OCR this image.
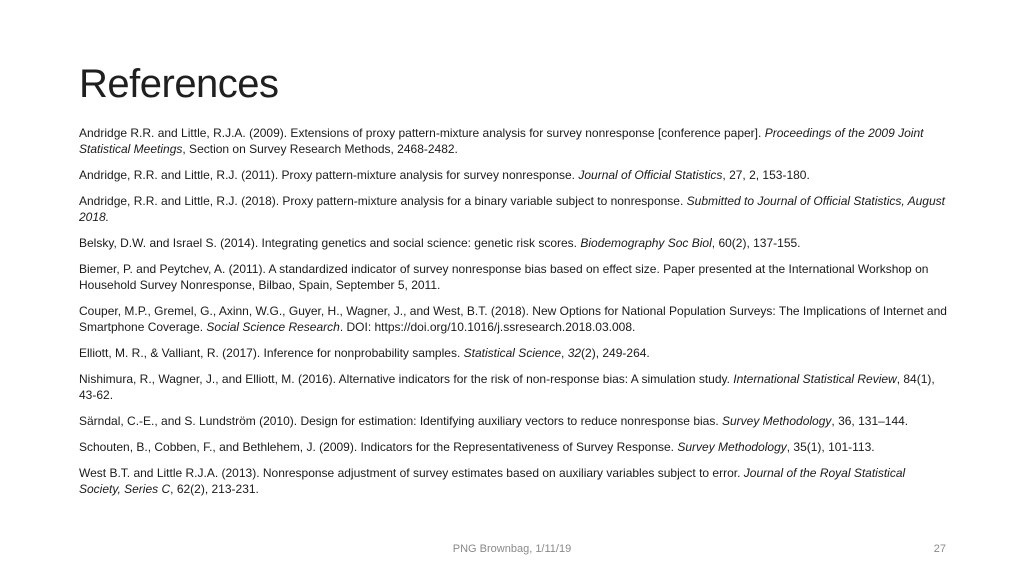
References
Andridge R.R. and Little, R.J.A. (2009). Extensions of proxy pattern-mixture analysis for survey nonresponse [conference paper]. Proceedings of the 2009 Joint Statistical Meetings, Section on Survey Research Methods, 2468-2482.
Andridge, R.R. and Little, R.J. (2011). Proxy pattern-mixture analysis for survey nonresponse. Journal of Official Statistics, 27, 2, 153-180.
Andridge, R.R. and Little, R.J. (2018). Proxy pattern-mixture analysis for a binary variable subject to nonresponse. Submitted to Journal of Official Statistics, August 2018.
Belsky, D.W. and Israel S. (2014). Integrating genetics and social science: genetic risk scores. Biodemography Soc Biol, 60(2), 137-155.
Biemer, P. and Peytchev, A. (2011). A standardized indicator of survey nonresponse bias based on effect size. Paper presented at the International Workshop on Household Survey Nonresponse, Bilbao, Spain, September 5, 2011.
Couper, M.P., Gremel, G., Axinn, W.G., Guyer, H., Wagner, J., and West, B.T. (2018). New Options for National Population Surveys: The Implications of Internet and Smartphone Coverage. Social Science Research. DOI: https://doi.org/10.1016/j.ssresearch.2018.03.008.
Elliott, M. R., & Valliant, R. (2017). Inference for nonprobability samples. Statistical Science, 32(2), 249-264.
Nishimura, R., Wagner, J., and Elliott, M. (2016). Alternative indicators for the risk of non-response bias: A simulation study. International Statistical Review, 84(1), 43-62.
Särndal, C.-E., and S. Lundström (2010). Design for estimation: Identifying auxiliary vectors to reduce nonresponse bias. Survey Methodology, 36, 131–144.
Schouten, B., Cobben, F., and Bethlehem, J. (2009). Indicators for the Representativeness of Survey Response. Survey Methodology, 35(1), 101-113.
West B.T. and Little R.J.A. (2013). Nonresponse adjustment of survey estimates based on auxiliary variables subject to error. Journal of the Royal Statistical Society, Series C, 62(2), 213-231.
PNG Brownbag, 1/11/19	27
